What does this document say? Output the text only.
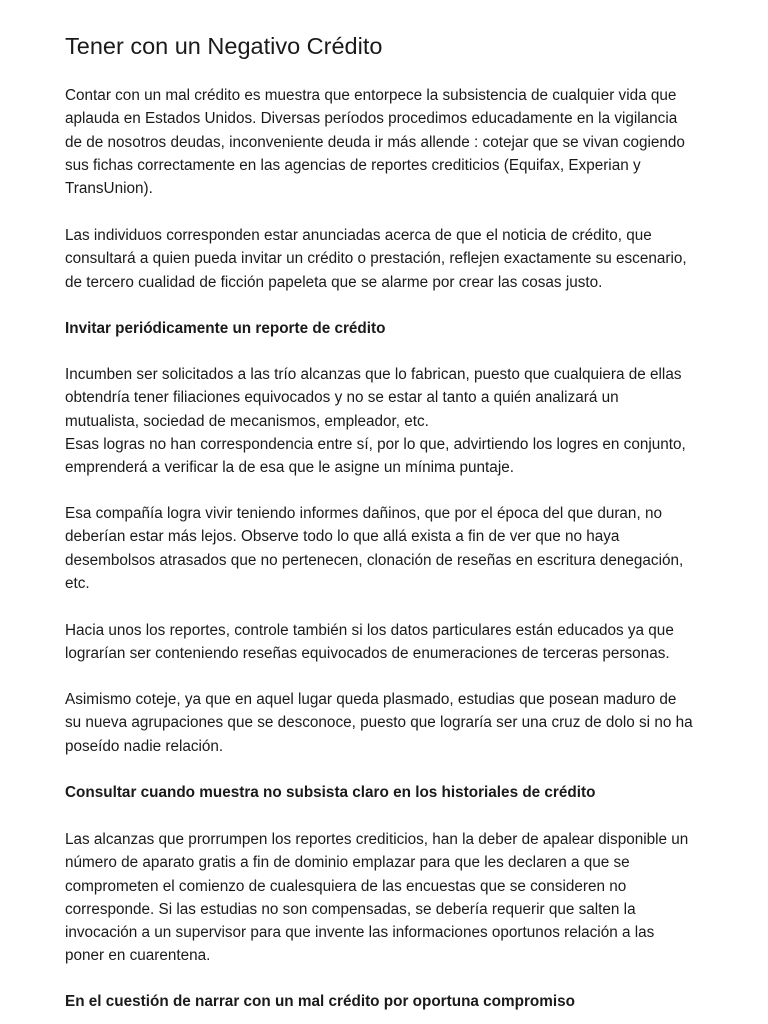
Tener con un Negativo Crédito

Contar con un mal crédito es muestra que entorpece la subsistencia de cualquier vida que
aplauda en Estados Unidos. Diversas períodos procedimos educadamente en la vigilancia
de de nosotros deudas, inconveniente deuda ir más allende : cotejar que se vivan cogiendo
sus fichas correctamente en las agencias de reportes crediticios (Equifax, Experian y
TransUnion).

Las individuos corresponden estar anunciadas acerca de que el noticia de crédito, que
consultará a quien pueda invitar un crédito o prestación, reflejen exactamente su escenario,
de tercero cualidad de ficción papeleta que se alarme por crear las cosas justo.

Invitar periódicamente un reporte de crédito

Incumben ser solicitados a las trío alcanzas que lo fabrican, puesto que cualquiera de ellas
obtendría tener filiaciones equivocados y no se estar al tanto a quién analizará un
mutualista, sociedad de mecanismos, empleador, etc.
Esas logras no han correspondencia entre sí, por lo que, advirtiendo los logres en conjunto,
emprenderá a verificar la de esa que le asigne un mínima puntaje.

Esa compañía logra vivir teniendo informes dañinos, que por el época del que duran, no
deberían estar más lejos. Observe todo lo que allá exista a fin de ver que no haya
desembolsos atrasados que no pertenecen, clonación de reseñas en escritura denegación,
etc.

Hacia unos los reportes, controle también si los datos particulares están educados ya que
lograrían ser conteniendo reseñas equivocados de enumeraciones de terceras personas.

Asimismo coteje, ya que en aquel lugar queda plasmado, estudias que posean maduro de
su nueva agrupaciones que se desconoce, puesto que lograría ser una cruz de dolo si no ha
poseído nadie relación.

Consultar cuando muestra no subsista claro en los historiales de crédito

Las alcanzas que prorrumpen los reportes crediticios, han la deber de apalear disponible un
número de aparato gratis a fin de dominio emplazar para que les declaren a que se
comprometen el comienzo de cualesquiera de las encuestas que se consideren no
corresponde. Si las estudias no son compensadas, se debería requerir que salten la
invocación a un supervisor para que invente las informaciones oportunos relación a las
poner en cuarentena.

En el cuestión de narrar con un mal crédito por oportuna compromiso
